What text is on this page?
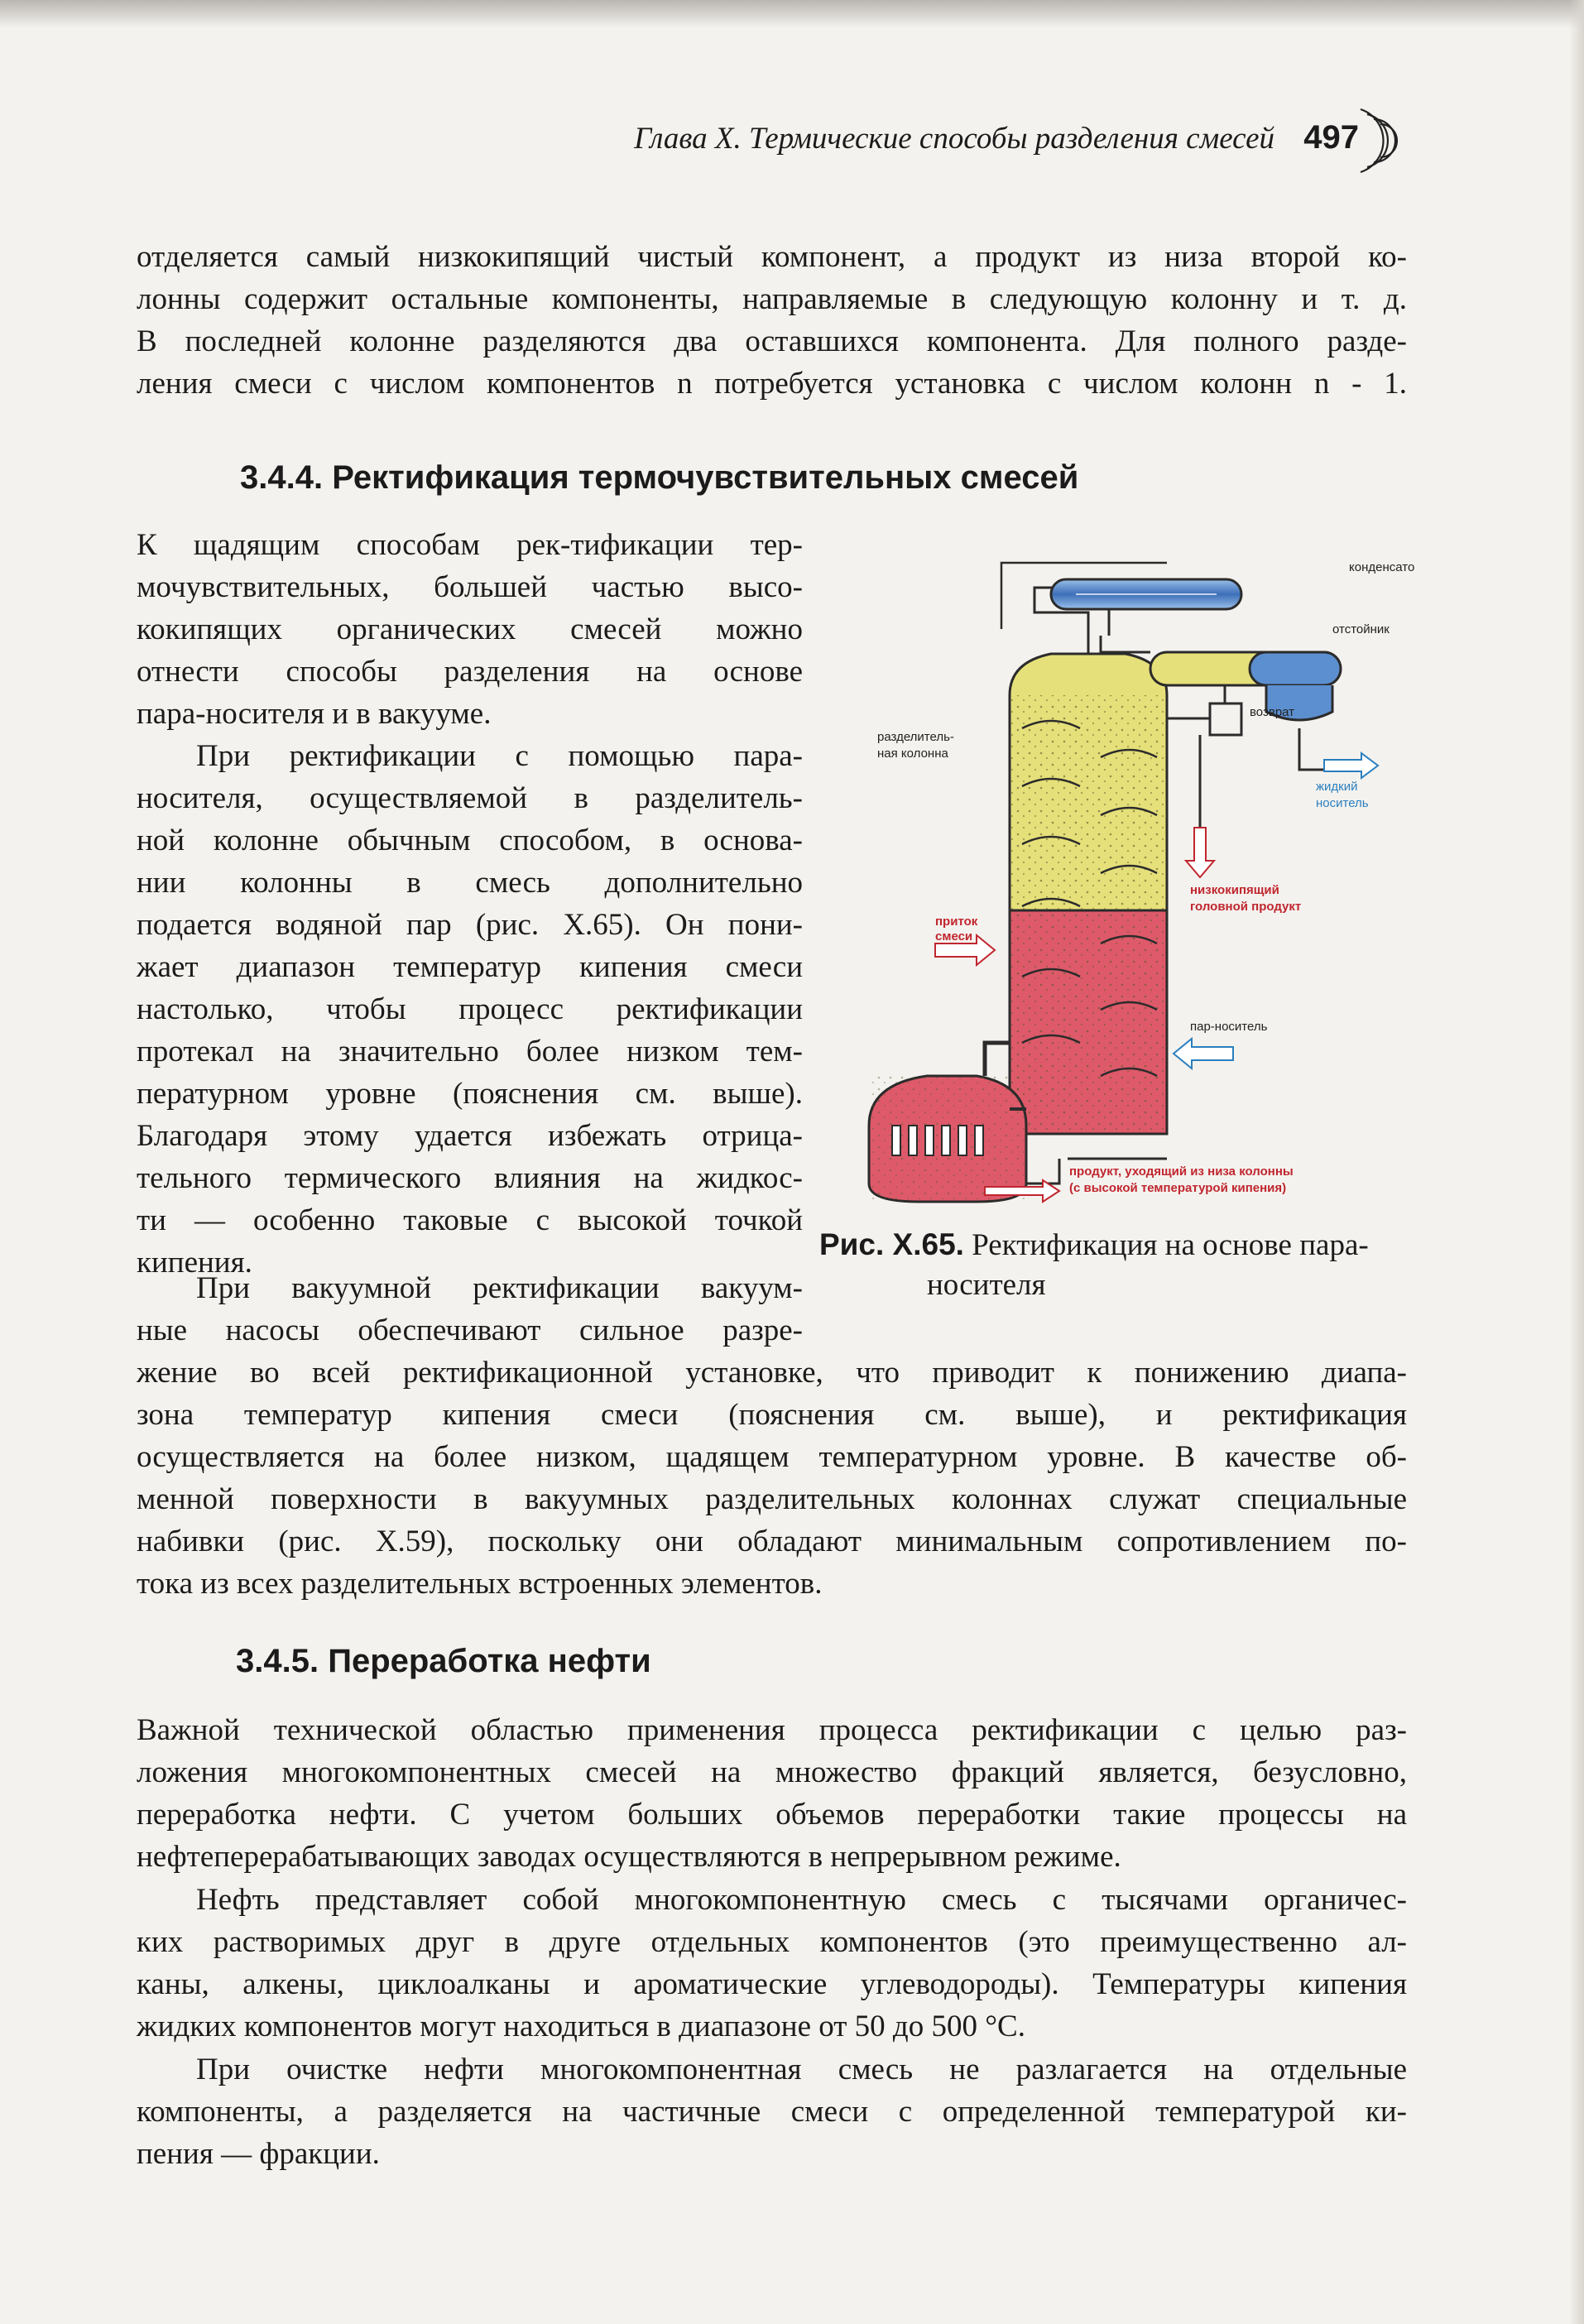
Глава X. Термические способы разделения смесей 497
отделяется самый низкокипящий чистый компонент, а продукт из низа второй ко-
лонны содержит остальные компоненты, направляемые в следующую колонну и т. д.
В последней колонне разделяются два оставшихся компонента. Для полного разде-
ления смеси с числом компонентов n потребуется установка с числом колонн n - 1.
3.4.4. Ректификация термочувствительных смесей
К щадящим способам рек-тификации тер-
мочувствительных, большей частью высо-
кокипящих органических смесей можно
отнести способы разделения на основе
пара-носителя и в вакууме.
При ректификации с помощью пара-
носителя, осуществляемой в разделитель-
ной колонне обычным способом, в основа-
нии колонны в смесь дополнительно
подается водяной пар (рис. X.65). Он пони-
жает диапазон температур кипения смеси
настолько, чтобы процесс ректификации
протекал на значительно более низком тем-
пературном уровне (пояснения см. выше).
Благодаря этому удается избежать отрица-
тельного термического влияния на жидкос-
ти — особенно таковые с высокой точкой
кипения.
При вакуумной ректификации вакуум-
ные насосы обеспечивают сильное разре-
жение во всей ректификационной установке, что приводит к понижению диапа-
зона температур кипения смеси (пояснения см. выше), и ректификация
осуществляется на более низком, щадящем температурном уровне. В качестве об-
менной поверхности в вакуумных разделительных колоннах служат специальные
набивки (рис. X.59), поскольку они обладают минимальным сопротивлением по-
тока из всех разделительных встроенных элементов.
конденсатор
отстойник
возврат
разделитель-
ная колонна
жидкий
носитель
низкокипящий
головной продукт
приток
смеси
пар-носитель
продукт, уходящий из низа колонны
(с высокой температурой кипения)
Рис. X.65. Ректификация на основе пара-
носителя
3.4.5. Переработка нефти
Важной технической областью применения процесса ректификации с целью раз-
ложения многокомпонентных смесей на множество фракций является, безусловно,
переработка нефти. С учетом больших объемов переработки такие процессы на
нефтеперерабатывающих заводах осуществляются в непрерывном режиме.
Нефть представляет собой многокомпонентную смесь с тысячами органичес-
ких растворимых друг в друге отдельных компонентов (это преимущественно ал-
каны, алкены, циклоалканы и ароматические углеводороды). Температуры кипения
жидких компонентов могут находиться в диапазоне от 50 до 500 °C.
При очистке нефти многокомпонентная смесь не разлагается на отдельные
компоненты, а разделяется на частичные смеси с определенной температурой ки-
пения — фракции.
